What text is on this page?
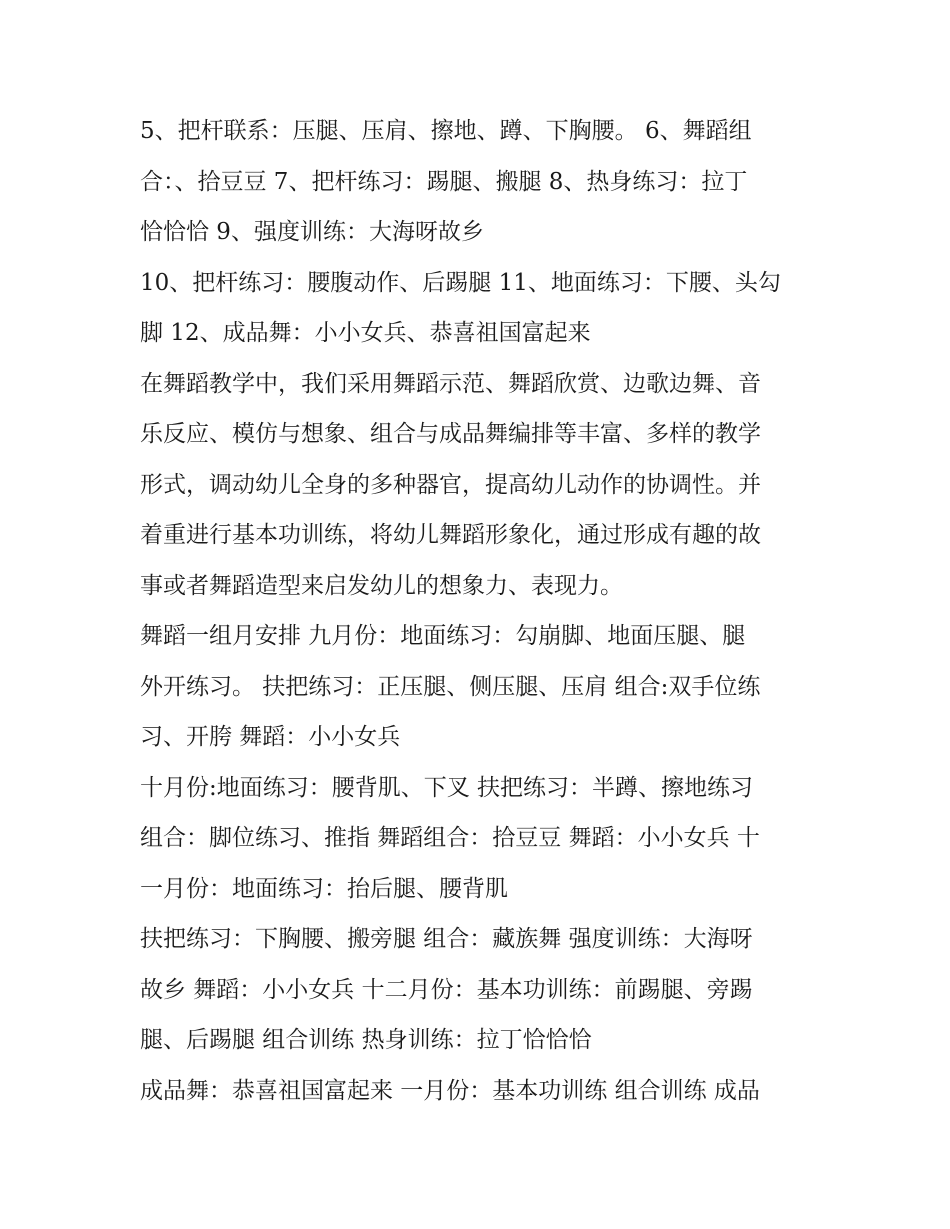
5、把杆联系：压腿、压肩、擦地、蹲、下胸腰。 6、舞蹈组
合：、拾豆豆 7、把杆练习：踢腿、搬腿 8、热身练习：拉丁
恰恰恰 9、强度训练：大海呀故乡
10、把杆练习：腰腹动作、后踢腿 11、地面练习：下腰、头勾
脚 12、成品舞：小小女兵、恭喜祖国富起来
在舞蹈教学中，我们采用舞蹈示范、舞蹈欣赏、边歌边舞、音
乐反应、模仿与想象、组合与成品舞编排等丰富、多样的教学
形式，调动幼儿全身的多种器官，提高幼儿动作的协调性。并
着重进行基本功训练，将幼儿舞蹈形象化，通过形成有趣的故
事或者舞蹈造型来启发幼儿的想象力、表现力。
舞蹈一组月安排 九月份：地面练习：勾崩脚、地面压腿、腿
外开练习。 扶把练习：正压腿、侧压腿、压肩 组合:双手位练
习、开胯 舞蹈：小小女兵
十月份:地面练习：腰背肌、下叉 扶把练习：半蹲、擦地练习
组合：脚位练习、推指 舞蹈组合：拾豆豆 舞蹈：小小女兵 十
一月份：地面练习：抬后腿、腰背肌
扶把练习：下胸腰、搬旁腿 组合：藏族舞 强度训练：大海呀
故乡 舞蹈：小小女兵 十二月份：基本功训练：前踢腿、旁踢
腿、后踢腿 组合训练 热身训练：拉丁恰恰恰
成品舞：恭喜祖国富起来 一月份：基本功训练 组合训练 成品
